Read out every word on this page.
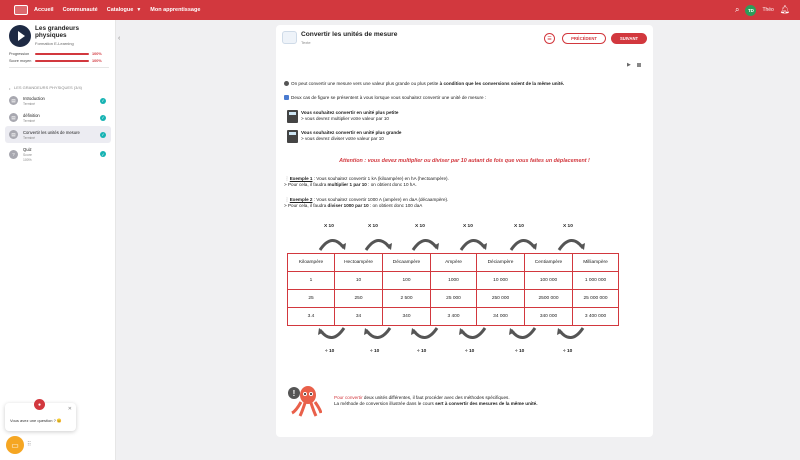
Accueil Communauté Catalogue ▼ Mon apprentissage	⌕	TD	Théo 🔔︎
Les grandeurs physiques
Formation E-Learning
Progression	100%
Score moyen	100%
• LES GRANDEURS PHYSIQUES (3/4)
▤	Introduction
Terminé
✓
▤	définition
Terminé
✓
▤	Convertir les unités de mesure
Terminé
✓
?
Quiz
Score
100%
✓
‹
✕
Vous avez une question ? 😊
●
▭ ⠿
Convertir les unités de mesure
Texte
☰	PRÉCÉDENT	SUIVANT
▶
On peut convertir une mesure vers une valeur plus grande ou plus petite à condition que les conversions soient de la même unité.
Deux cas de figure se présentent à vous lorsque vous souhaitez convertir une unité de mesure :
Vous souhaitez convertir en unité plus petite
> vous devrez multiplier votre valeur par 10
Vous souhaitez convertir en unité plus grande
> vous devrez diviser votre valeur par 10
Attention : vous devez multiplier ou diviser par 10 autant de fois que vous faites un déplacement !
❕Exemple 1 : Vous souhaitez convertir 1 kA (kiloampère) en hA (hectoampère).
> Pour cela, il faudra multiplier 1 par 10 : on obtient donc 10 hA.
❕Exemple 2 : Vous souhaitez convertir 1000 A (ampère) en daA (décaampère).
> Pour cela, il faudra diviser 1000 par 10 : on obtient donc 100 daA
X 10	X 10	X 10	X 10	X 10	X 10
Kiloampère	Hectoampère	Décaampère	Ampère	Déciampère	Centiampère	Milliampère
1	10	100	1000	10 000	100 000	1 000 000
25	250	2 500	25 000	250 000	2500 000	25 000 000
3.4	34	340	3 400	34 000	340 000	3 400 000
÷ 10	÷ 10	÷ 10	÷ 10	÷ 10	÷ 10
!	Pour convertir deux unités différentes, il faut procéder avec des méthodes spécifiques.
La méthode de conversion illustrée dans le cours sert à convertir des mesures de la même unité.
